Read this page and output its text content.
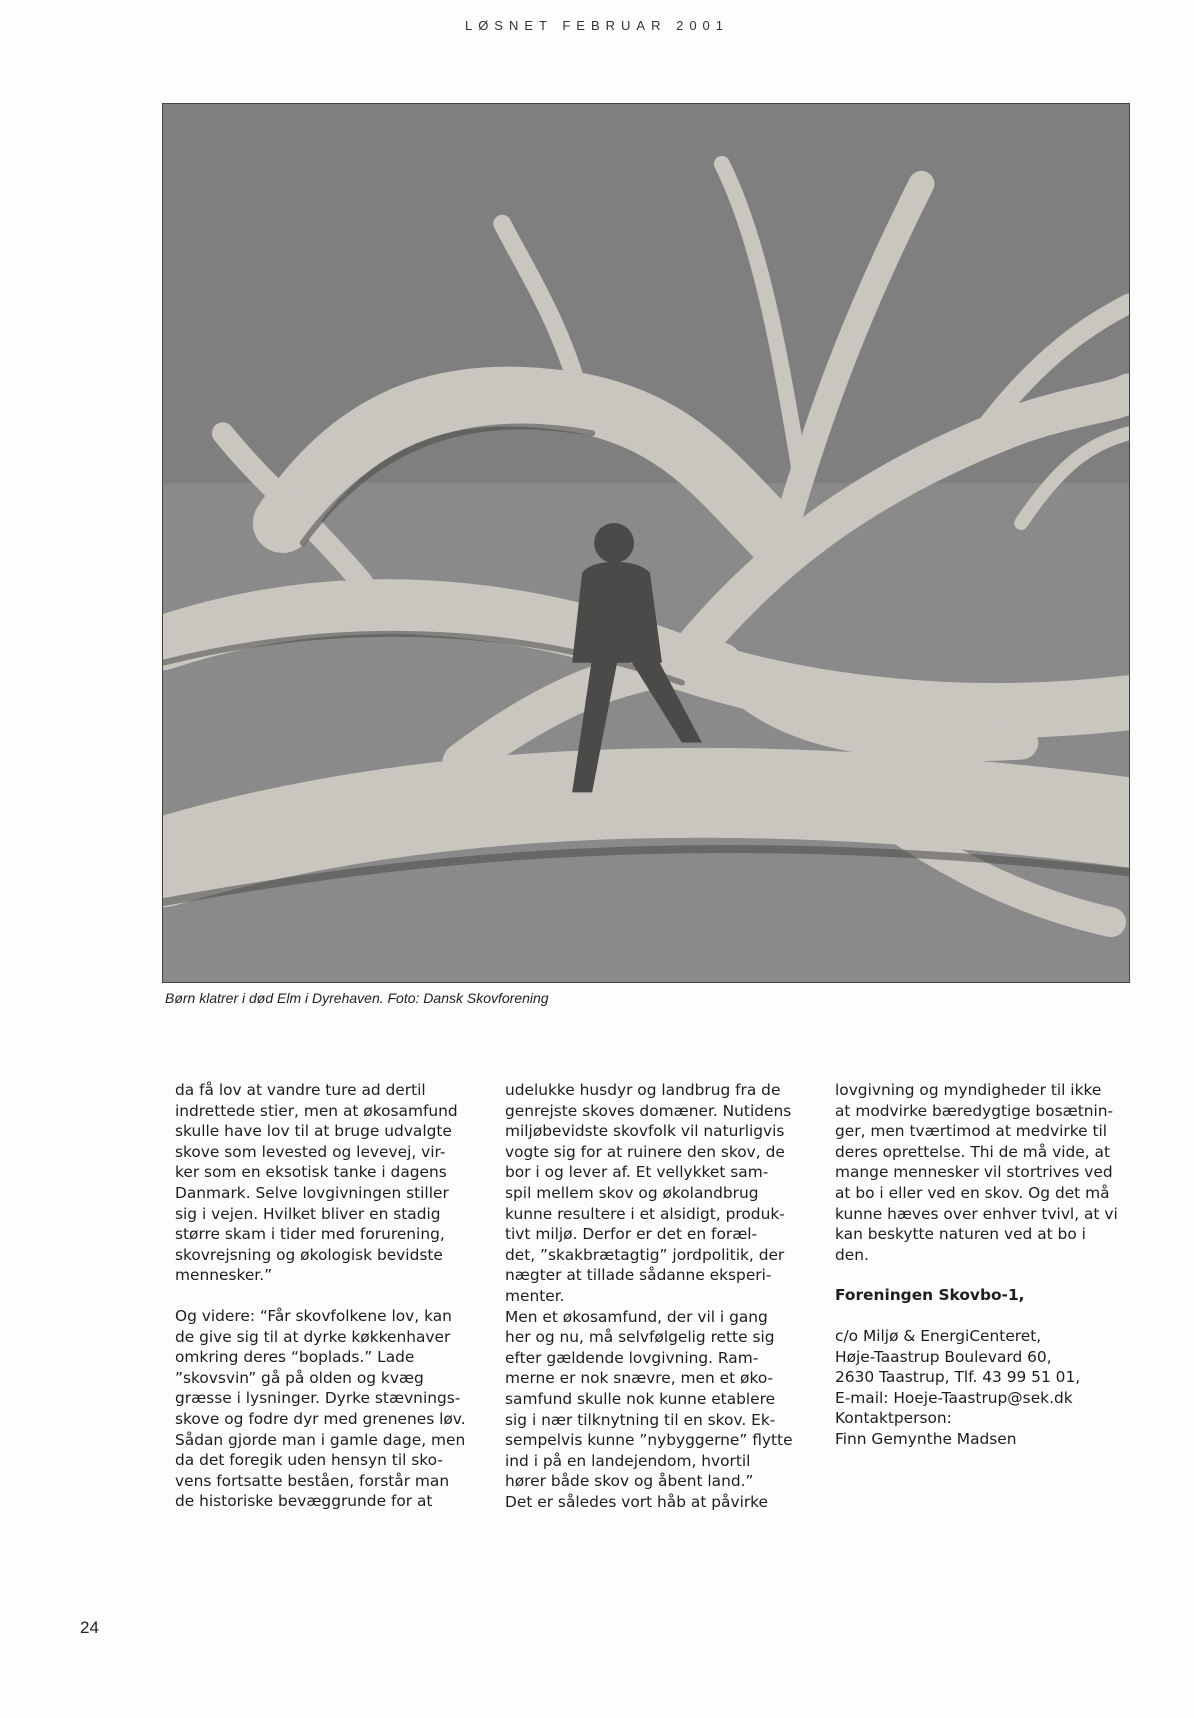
LØSNET FEBRUAR 2001
Børn klatrer i død Elm i Dyrehaven. Foto: Dansk Skovforening

da få lov at vandre ture ad dertil
indrettede stier, men at økosamfund
skulle have lov til at bruge udvalgte
skove som levested og levevej, vir-
ker som en eksotisk tanke i dagens
Danmark. Selve lovgivningen stiller
sig i vejen. Hvilket bliver en stadig
større skam i tider med forurening,
skovrejsning og økologisk bevidste
mennesker.”

Og videre: “Får skovfolkene lov, kan
de give sig til at dyrke køkkenhaver
omkring deres “boplads.” Lade
”skovsvin” gå på olden og kvæg
græsse i lysninger. Dyrke stævnings-
skove og fodre dyr med grenenes løv.
Sådan gjorde man i gamle dage, men
da det foregik uden hensyn til sko-
vens fortsatte beståen, forstår man
de historiske bevæggrunde for at

udelukke husdyr og landbrug fra de
genrejste skoves domæner. Nutidens
miljøbevidste skovfolk vil naturligvis
vogte sig for at ruinere den skov, de
bor i og lever af. Et vellykket sam-
spil mellem skov og økolandbrug
kunne resultere i et alsidigt, produk-
tivt miljø. Derfor er det en foræl-
det, ”skakbrætagtig” jordpolitik, der
nægter at tillade sådanne eksperi-
menter.
Men et økosamfund, der vil i gang
her og nu, må selvfølgelig rette sig
efter gældende lovgivning. Ram-
merne er nok snævre, men et øko-
samfund skulle nok kunne etablere
sig i nær tilknytning til en skov. Ek-
sempelvis kunne ”nybyggerne” flytte
ind i på en landejendom, hvortil
hører både skov og åbent land.”
Det er således vort håb at påvirke

lovgivning og myndigheder til ikke
at modvirke bæredygtige bosætnin-
ger, men tværtimod at medvirke til
deres oprettelse. Thi de må vide, at
mange mennesker vil stortrives ved
at bo i eller ved en skov. Og det må
kunne hæves over enhver tvivl, at vi
kan beskytte naturen ved at bo i
den.

Foreningen Skovbo-1,

c/o Miljø & EnergiCenteret,
Høje-Taastrup Boulevard 60,
2630 Taastrup, Tlf. 43 99 51 01,
E-mail: Hoeje-Taastrup@sek.dk
Kontaktperson:
Finn Gemynthe Madsen

24
